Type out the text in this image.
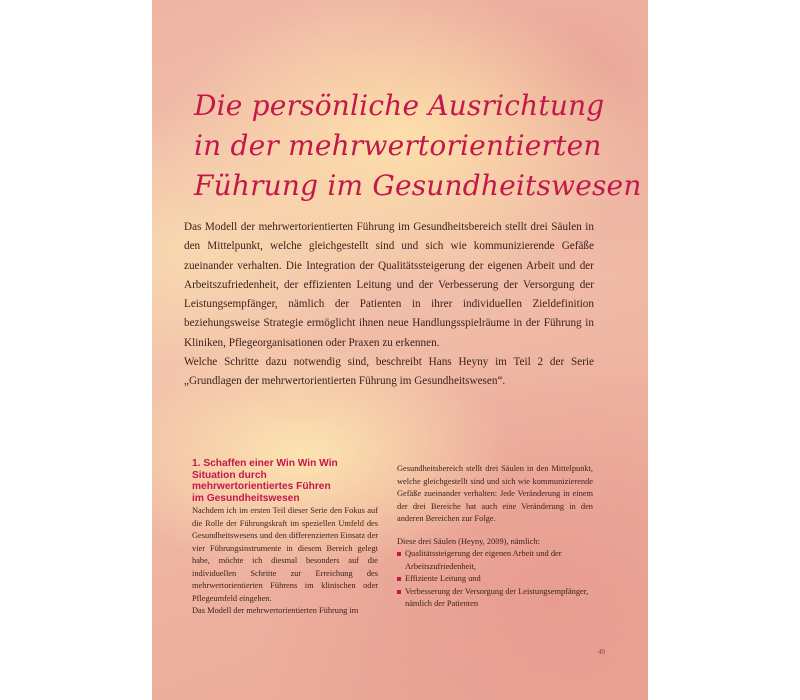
Die persönliche Ausrichtung
in der mehrwertorientierten
Führung im Gesundheitswesen

Das Modell der mehrwertorientierten Führung im Gesundheitsbereich stellt drei Säulen in den Mittelpunkt, welche gleichgestellt sind und sich wie kommunizierende Gefäße zueinander verhalten. Die Integration der Qualitätssteigerung der eigenen Arbeit und der Arbeitszufriedenheit, der effizienten Leitung und der Verbesserung der Versorgung der Leistungsempfänger, nämlich der Patienten in ihrer individuellen Zieldefinition beziehungsweise Strategie ermöglicht ihnen neue Handlungsspielräume in der Führung in Kliniken, Pflegeorganisationen oder Praxen zu erkennen.

Welche Schritte dazu notwendig sind, beschreibt Hans Heyny im Teil 2 der Serie „Grundlagen der mehrwertorientierten Führung im Gesundheitswesen“.

1. Schaffen einer Win Win Win
Situation durch
mehrwertorientiertes Führen
im Gesundheitswesen

Nachdem ich im ersten Teil dieser Serie den Fokus auf die Rolle der Führungskraft im speziellen Umfeld des Gesundheitswesens und den differenzierten Einsatz der vier Führungsinstrumente in diesem Bereich gelegt habe, möchte ich diesmal besonders auf die individuellen Schritte zur Erreichung des mehrwertorientierten Führens im klinischen oder Pflegeumfeld eingehen.

Das Modell der mehrwertorientierten Führung im

Gesundheitsbereich stellt drei Säulen in den Mittelpunkt, welche gleichgestellt sind und sich wie kommunizierende Gefäße zueinander verhalten: Jede Veränderung in einem der drei Bereiche hat auch eine Veränderung in den anderen Bereichen zur Folge.

Diese drei Säulen (Heyny, 2009), nämlich:

Qualitätssteigerung der eigenen Arbeit und der Arbeitszufriedenheit,
Effiziente Leitung und
Verbesserung der Versorgung der Leistungsempfänger, nämlich der Patienten
49
